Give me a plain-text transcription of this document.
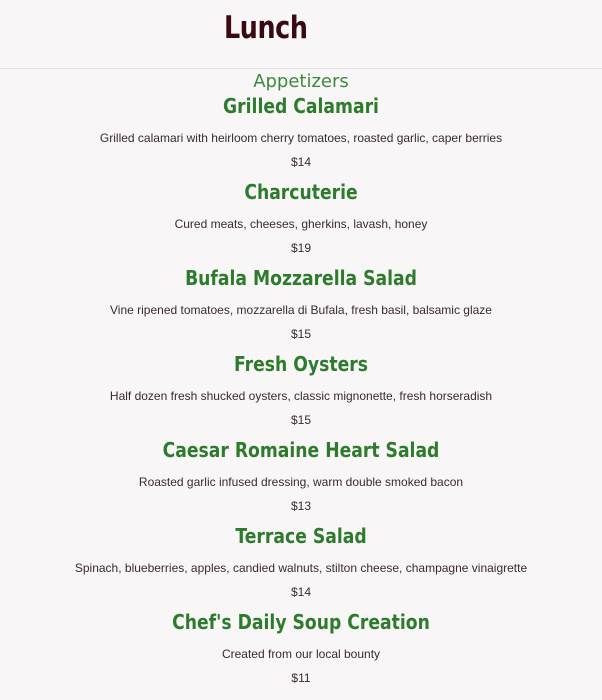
Lunch
Appetizers
Grilled Calamari
Grilled calamari with heirloom cherry tomatoes, roasted garlic, caper berries
$14
Charcuterie
Cured meats, cheeses, gherkins, lavash, honey
$19
Bufala Mozzarella Salad
Vine ripened tomatoes, mozzarella di Bufala, fresh basil, balsamic glaze
$15
Fresh Oysters
Half dozen fresh shucked oysters, classic mignonette, fresh horseradish
$15
Caesar Romaine Heart Salad
Roasted garlic infused dressing, warm double smoked bacon
$13
Terrace Salad
Spinach, blueberries, apples, candied walnuts, stilton cheese, champagne vinaigrette
$14
Chef's Daily Soup Creation
Created from our local bounty
$11
